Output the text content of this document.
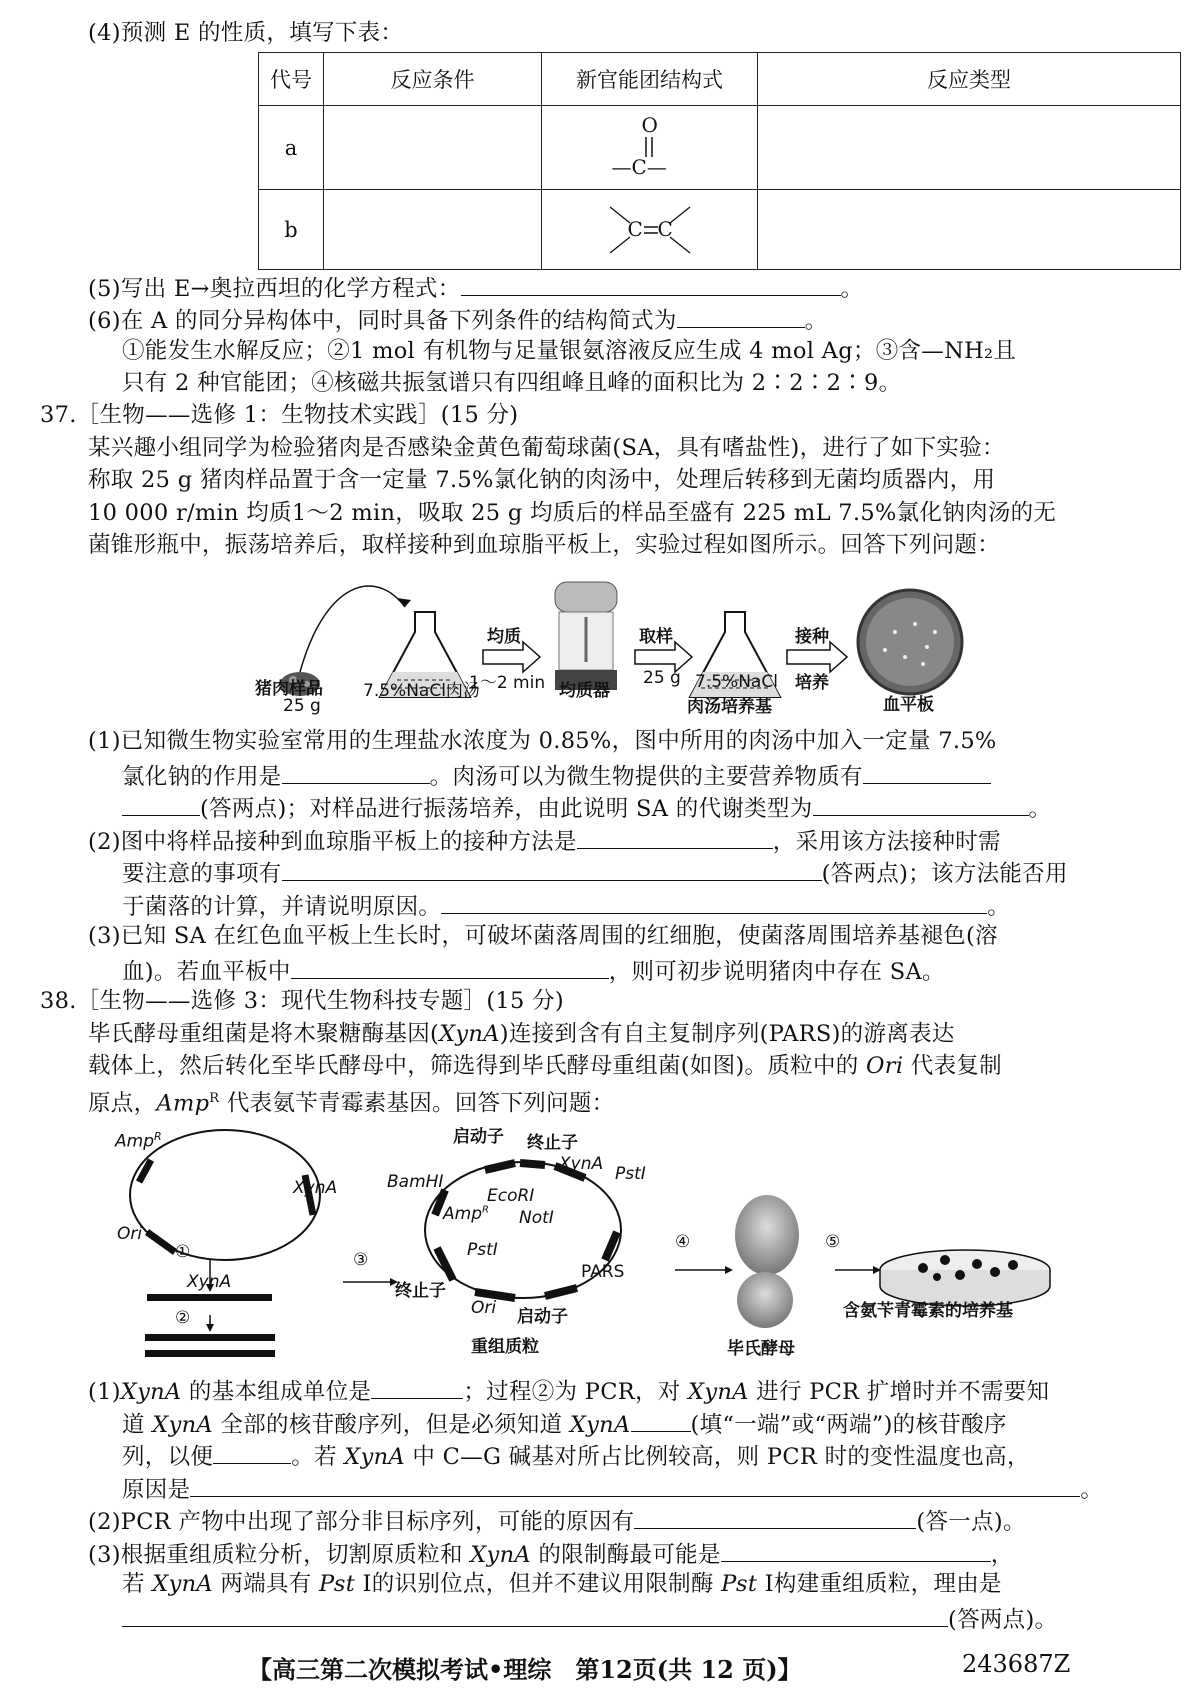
(4)预测 E 的性质，填写下表：
代号	反应条件	新官能团结构式	反应类型
a		O
—C—	

b		C C	

(5)写出 E→奥拉西坦的化学方程式：	。
(6)在 A 的同分异构体中，同时具备下列条件的结构简式为	。
①能发生水解反应；②1 mol 有机物与足量银氨溶液反应生成 4 mol Ag；③含—NH₂且
只有 2 种官能团；④核磁共振氢谱只有四组峰且峰的面积比为 2∶2∶2∶9。
37.［生物——选修 1：生物技术实践］(15 分)
某兴趣小组同学为检验猪肉是否感染金黄色葡萄球菌(SA，具有嗜盐性)，进行了如下实验：
称取 25 g 猪肉样品置于含一定量 7.5%氯化钠的肉汤中，处理后转移到无菌均质器内，用
10 000 r/min 均质1～2 min，吸取 25 g 均质后的样品至盛有 225 mL 7.5%氯化钠肉汤的无
菌锥形瓶中，振荡培养后，取样接种到血琼脂平板上，实验过程如图所示。回答下列问题：
猪肉样品
25 g
7.5%NaCl肉汤
均质
1～2 min 均质器
取样
25 g 7.5%NaCl
肉汤培养基
接种
培养
血平板
(1)已知微生物实验室常用的生理盐水浓度为 0.85%，图中所用的肉汤中加入一定量 7.5%
氯化钠的作用是	。肉汤可以为微生物提供的主要营养物质有
(答两点)；对样品进行振荡培养，由此说明 SA 的代谢类型为	。
(2)图中将样品接种到血琼脂平板上的接种方法是	，采用该方法接种时需
要注意的事项有	(答两点)；该方法能否用
于菌落的计算，并请说明原因。	。
(3)已知 SA 在红色血平板上生长时，可破坏菌落周围的红细胞，使菌落周围培养基褪色(溶
血)。若血平板中	，则可初步说明猪肉中存在 SA。
38.［生物——选修 3：现代生物科技专题］(15 分)
毕氏酵母重组菌是将木聚糖酶基因(XynA)连接到含有自主复制序列(PARS)的游离表达
载体上，然后转化至毕氏酵母中，筛选得到毕氏酵母重组菌(如图)。质粒中的 Ori 代表复制
原点，Amp$^R$ 代表氨苄青霉素基因。回答下列问题：
Amp$^R$
XynA
Ori
①
XynA
②
③
启动子 终止子
XynA PstⅠ
BamHⅠ
EcoRⅠ
NotⅠ
Amp$^R$
PstⅠ
PARS
终止子
Ori 启动子
重组质粒
④
毕氏酵母
⑤
含氨苄青霉素的培养基
(1)XynA 的基本组成单位是	；过程②为 PCR，对 XynA 进行 PCR 扩增时并不需要知
道 XynA 全部的核苷酸序列，但是必须知道 XynA	(填“一端”或“两端”)的核苷酸序
列，以便	。若 XynA 中 C—G 碱基对所占比例较高，则 PCR 时的变性温度也高，
原因是	。
(2)PCR 产物中出现了部分非目标序列，可能的原因有	(答一点)。
(3)根据重组质粒分析，切割原质粒和 XynA 的限制酶最可能是	，
若 XynA 两端具有 Pst Ⅰ的识别位点，但并不建议用限制酶 Pst Ⅰ构建重组质粒，理由是
(答两点)。
【高三第二次模拟考试•理综　第12页(共 12 页)】	243687Z
